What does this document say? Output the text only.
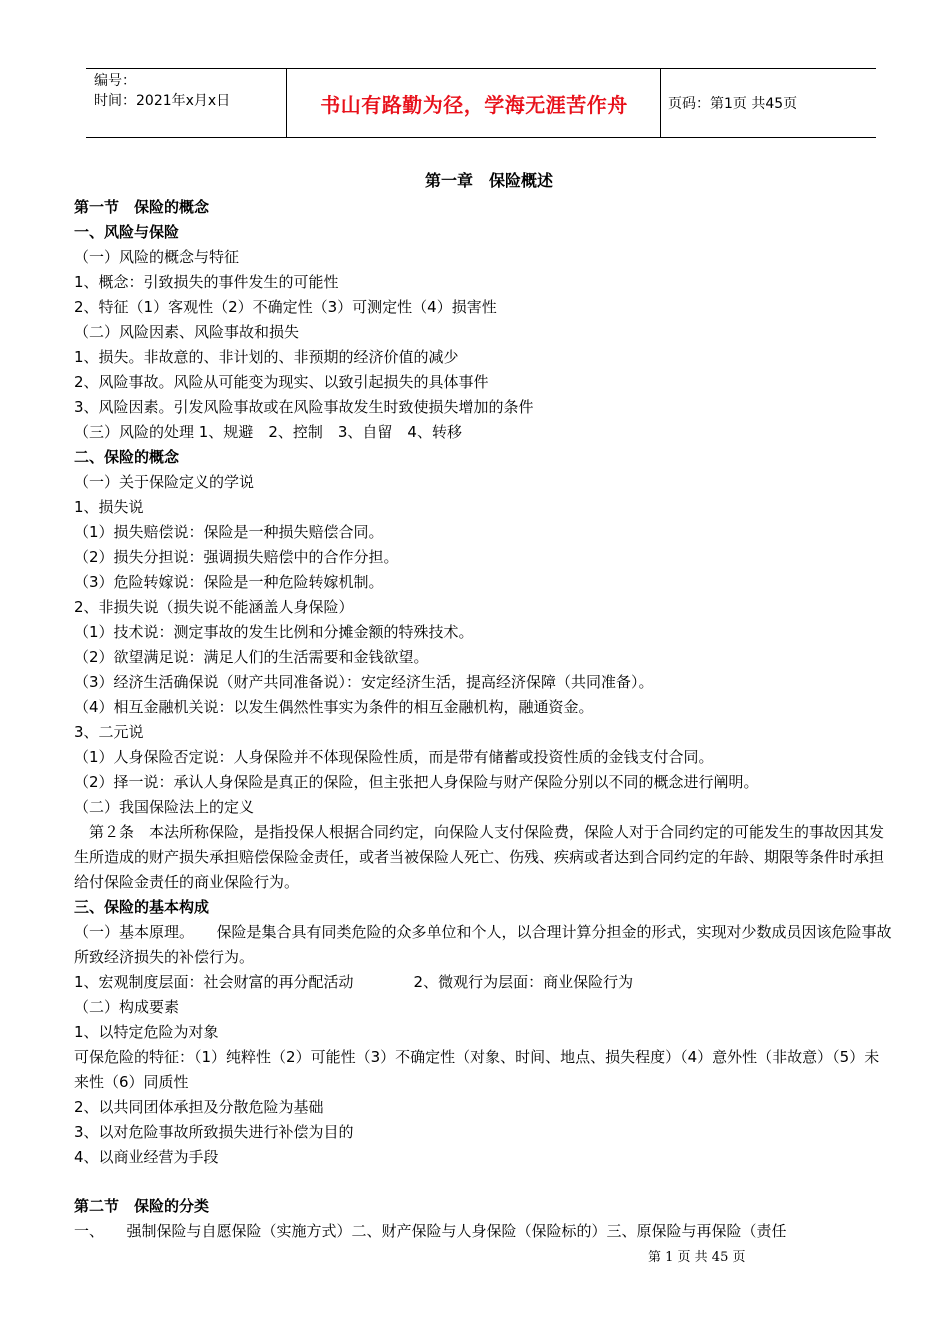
编号：
时间：2021年x月x日	书山有路勤为径，学海无涯苦作舟	页码：第1页 共45页
第一章　保险概述
第一节　保险的概念
一、风险与保险
（一）风险的概念与特征
1、概念：引致损失的事件发生的可能性
2、特征（1）客观性（2）不确定性（3）可测定性（4）损害性
（二）风险因素、风险事故和损失
1、损失。非故意的、非计划的、非预期的经济价值的减少
2、风险事故。风险从可能变为现实、以致引起损失的具体事件
3、风险因素。引发风险事故或在风险事故发生时致使损失增加的条件
（三）风险的处理 1、规避　2、控制　3、自留　4、转移
二、保险的概念
（一）关于保险定义的学说
1、损失说
（1）损失赔偿说：保险是一种损失赔偿合同。
（2）损失分担说：强调损失赔偿中的合作分担。
（3）危险转嫁说：保险是一种危险转嫁机制。
2、非损失说（损失说不能涵盖人身保险）
（1）技术说：测定事故的发生比例和分摊金额的特殊技术。
（2）欲望满足说：满足人们的生活需要和金钱欲望。
（3）经济生活确保说（财产共同准备说）：安定经济生活，提高经济保障（共同准备）。
（4）相互金融机关说：以发生偶然性事实为条件的相互金融机构，融通资金。
3、二元说
（1）人身保险否定说：人身保险并不体现保险性质，而是带有储蓄或投资性质的金钱支付合同。
（2）择一说：承认人身保险是真正的保险，但主张把人身保险与财产保险分别以不同的概念进行阐明。
（二）我国保险法上的定义
　第２条　本法所称保险，是指投保人根据合同约定，向保险人支付保险费，保险人对于合同约定的可能发生的事故因其发生所造成的财产损失承担赔偿保险金责任，或者当被保险人死亡、伤残、疾病或者达到合同约定的年龄、期限等条件时承担给付保险金责任的商业保险行为。
三、保险的基本构成
（一）基本原理。　　保险是集合具有同类危险的众多单位和个人，以合理计算分担金的形式，实现对少数成员因该危险事故所致经济损失的补偿行为。
1、宏观制度层面：社会财富的再分配活动　　　　2、微观行为层面：商业保险行为
（二）构成要素
1、以特定危险为对象
可保危险的特征：（1）纯粹性（2）可能性（3）不确定性（对象、时间、地点、损失程度）（4）意外性（非故意）（5）未来性（6）同质性
2、以共同团体承担及分散危险为基础
3、以对危险事故所致损失进行补偿为目的
4、以商业经营为手段
第二节　保险的分类
一、　　强制保险与自愿保险（实施方式）二、财产保险与人身保险（保险标的）三、原保险与再保险（责任
第 1 页 共 45 页
